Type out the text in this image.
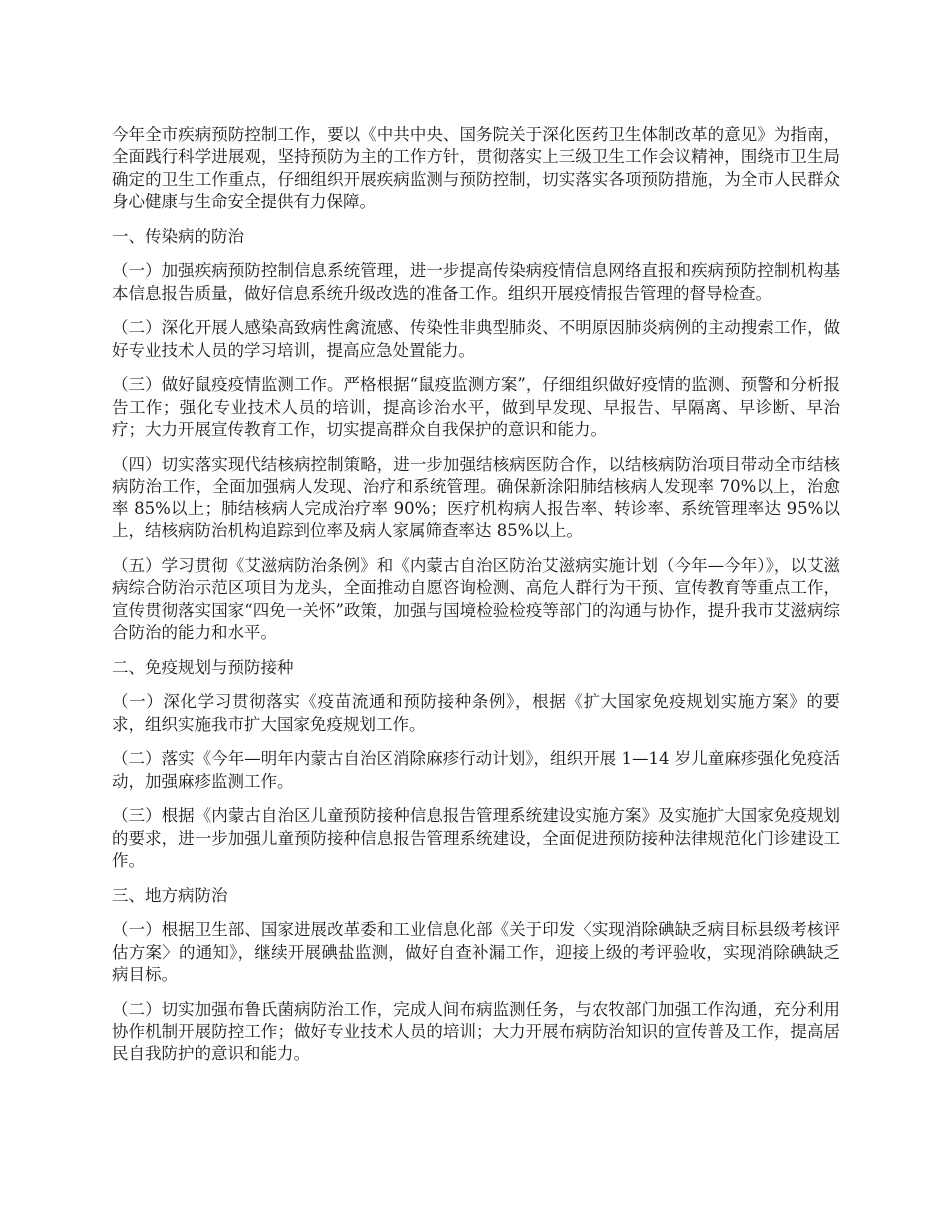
今年全市疾病预防控制工作，要以《中共中央、国务院关于深化医药卫生体制改革的意见》为指南，全面践行科学进展观，坚持预防为主的工作方针，贯彻落实上三级卫生工作会议精神，围绕市卫生局确定的卫生工作重点，仔细组织开展疾病监测与预防控制，切实落实各项预防措施，为全市人民群众身心健康与生命安全提供有力保障。

一、传染病的防治

（一）加强疾病预防控制信息系统管理，进一步提高传染病疫情信息网络直报和疾病预防控制机构基本信息报告质量，做好信息系统升级改选的准备工作。组织开展疫情报告管理的督导检查。

（二）深化开展人感染高致病性禽流感、传染性非典型肺炎、不明原因肺炎病例的主动搜索工作，做好专业技术人员的学习培训，提高应急处置能力。

（三）做好鼠疫疫情监测工作。严格根据“鼠疫监测方案”，仔细组织做好疫情的监测、预警和分析报告工作；强化专业技术人员的培训，提高诊治水平，做到早发现、早报告、早隔离、早诊断、早治疗；大力开展宣传教育工作，切实提高群众自我保护的意识和能力。

（四）切实落实现代结核病控制策略，进一步加强结核病医防合作，以结核病防治项目带动全市结核病防治工作，全面加强病人发现、治疗和系统管理。确保新涂阳肺结核病人发现率 70%以上，治愈率 85%以上；肺结核病人完成治疗率 90%；医疗机构病人报告率、转诊率、系统管理率达 95%以上，结核病防治机构追踪到位率及病人家属筛查率达 85%以上。

（五）学习贯彻《艾滋病防治条例》和《内蒙古自治区防治艾滋病实施计划（今年—今年）》，以艾滋病综合防治示范区项目为龙头，全面推动自愿咨询检测、高危人群行为干预、宣传教育等重点工作，宣传贯彻落实国家“四免一关怀”政策，加强与国境检验检疫等部门的沟通与协作，提升我市艾滋病综合防治的能力和水平。

二、免疫规划与预防接种

（一）深化学习贯彻落实《疫苗流通和预防接种条例》，根据《扩大国家免疫规划实施方案》的要求，组织实施我市扩大国家免疫规划工作。

（二）落实《今年—明年内蒙古自治区消除麻疹行动计划》，组织开展 1—14 岁儿童麻疹强化免疫活动，加强麻疹监测工作。

（三）根据《内蒙古自治区儿童预防接种信息报告管理系统建设实施方案》及实施扩大国家免疫规划的要求，进一步加强儿童预防接种信息报告管理系统建设，全面促进预防接种法律规范化门诊建设工作。

三、地方病防治

（一）根据卫生部、国家进展改革委和工业信息化部《关于印发〈实现消除碘缺乏病目标县级考核评估方案〉的通知》，继续开展碘盐监测，做好自查补漏工作，迎接上级的考评验收，实现消除碘缺乏病目标。

（二）切实加强布鲁氏菌病防治工作，完成人间布病监测任务，与农牧部门加强工作沟通，充分利用协作机制开展防控工作；做好专业技术人员的培训；大力开展布病防治知识的宣传普及工作，提高居民自我防护的意识和能力。
